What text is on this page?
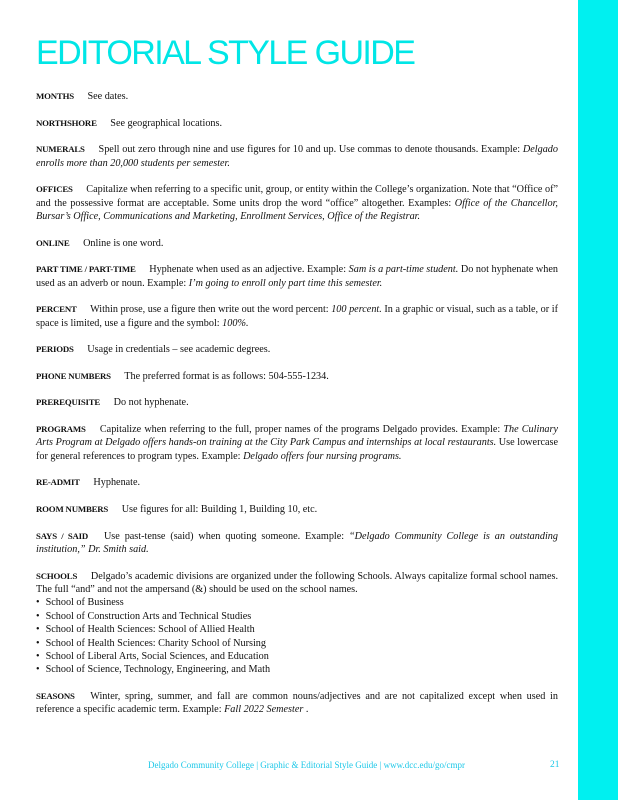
EDITORIAL STYLE GUIDE

MONTHS See dates.

NORTHSHORE See geographical locations.

NUMERALS Spell out zero through nine and use figures for 10 and up. Use commas to denote thousands. Example: Delgado enrolls more than 20,000 students per semester.

OFFICES Capitalize when referring to a specific unit, group, or entity within the College’s organization. Note that “Office of” and the possessive format are acceptable. Some units drop the word “office” altogether. Examples: Office of the Chancellor, Bursar’s Office, Communications and Marketing, Enrollment Services, Office of the Registrar.

ONLINE Online is one word.

PART TIME / PART-TIME Hyphenate when used as an adjective. Example: Sam is a part-time student. Do not hyphenate when used as an adverb or noun. Example: I’m going to enroll only part time this semester.

PERCENT Within prose, use a figure then write out the word percent: 100 percent. In a graphic or visual, such as a table, or if space is limited, use a figure and the symbol: 100%.

PERIODS Usage in credentials – see academic degrees.

PHONE NUMBERS The preferred format is as follows: 504-555-1234.

PREREQUISITE Do not hyphenate.

PROGRAMS Capitalize when referring to the full, proper names of the programs Delgado provides. Example: The Culinary Arts Program at Delgado offers hands-on training at the City Park Campus and internships at local restaurants. Use lowercase for general references to program types. Example: Delgado offers four nursing programs.

RE-ADMIT Hyphenate.

ROOM NUMBERS Use figures for all: Building 1, Building 10, etc.

SAYS / SAID Use past-tense (said) when quoting someone. Example: “Delgado Community College is an outstanding institution,” Dr. Smith said.

SCHOOLS Delgado’s academic divisions are organized under the following Schools. Always capitalize formal school names. The full “and” and not the ampersand (&) should be used on the school names.
• School of Business
• School of Construction Arts and Technical Studies
• School of Health Sciences: School of Allied Health
• School of Health Sciences: Charity School of Nursing
• School of Liberal Arts, Social Sciences, and Education
• School of Science, Technology, Engineering, and Math

SEASONS Winter, spring, summer, and fall are common nouns/adjectives and are not capitalized except when used in reference a specific academic term. Example: Fall 2022 Semester .

Delgado Community College | Graphic & Editorial Style Guide | www.dcc.edu/go/cmpr	21
